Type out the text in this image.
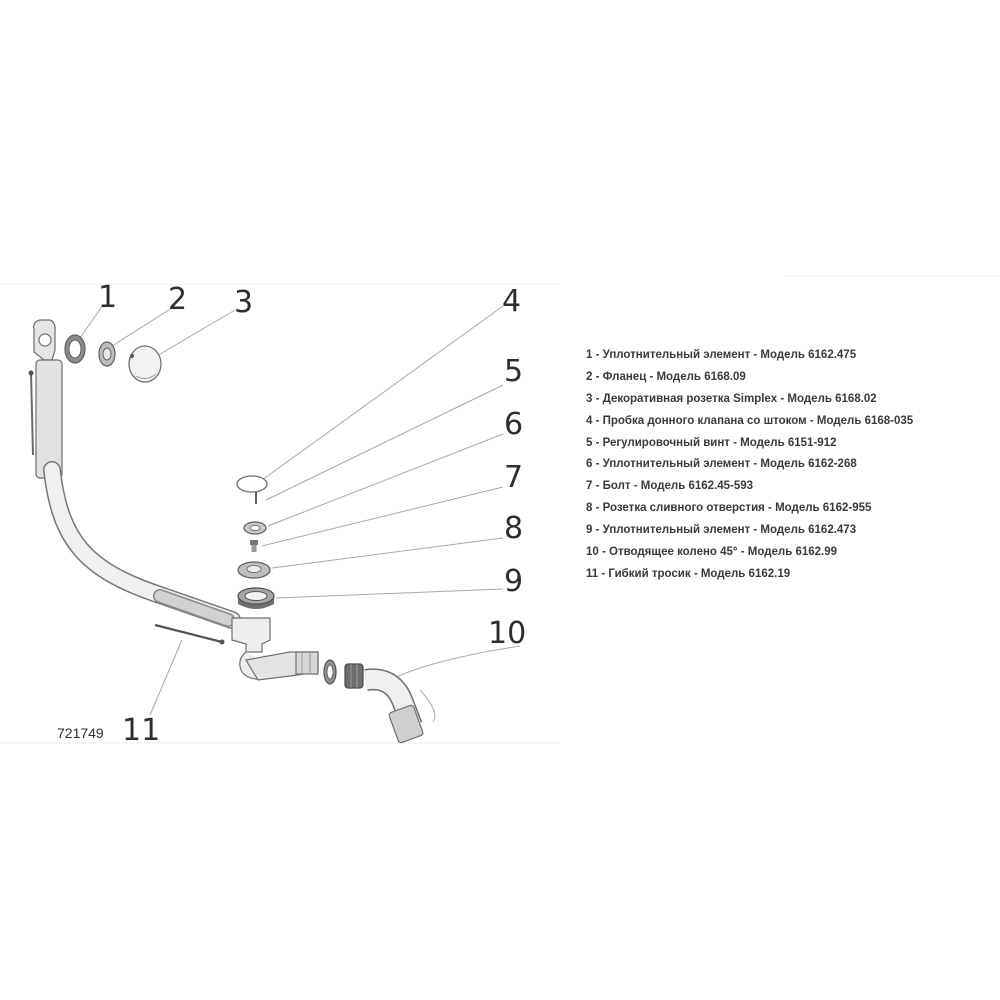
1 2 3	4
5
6
7
8
9
10
11
721749
1 - Уплотнительный элемент - Модель 6162.475
2 - Фланец - Модель 6168.09
3 - Декоративная розетка Simplex - Модель 6168.02
4 - Пробка донного клапана со штоком - Модель 6168-035
5 - Регулировочный винт - Модель 6151-912
6 - Уплотнительный элемент - Модель 6162-268
7 - Болт - Модель 6162.45-593
8 - Розетка сливного отверстия - Модель 6162-955
9 - Уплотнительный элемент - Модель 6162.473
10 - Отводящее колено 45° - Модель 6162.99
11 - Гибкий тросик - Модель 6162.19
